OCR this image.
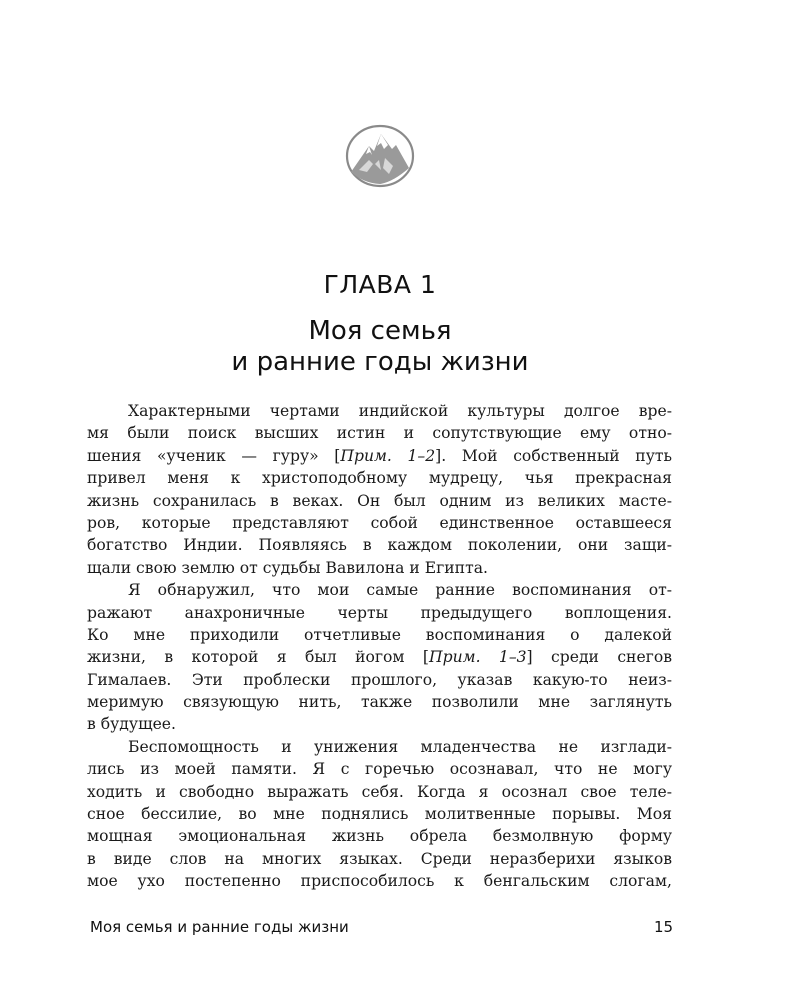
ГЛАВА 1
Моя семья
и ранние годы жизни
Характерными чертами индийской культуры долгое вре-
мя были поиск высших истин и сопутствующие ему отно-
шения «ученик — гуру» [Прим. 1–2]. Мой собственный путь
привел меня к христоподобному мудрецу, чья прекрасная
жизнь сохранилась в веках. Он был одним из великих масте-
ров, которые представляют собой единственное оставшееся
богатство Индии. Появляясь в каждом поколении, они защи-
щали свою землю от судьбы Вавилона и Египта.
Я обнаружил, что мои самые ранние воспоминания от-
ражают анахроничные черты предыдущего воплощения.
Ко мне приходили отчетливые воспоминания о далекой
жизни, в которой я был йогом [Прим. 1–3] среди снегов
Гималаев. Эти проблески прошлого, указав какую-то неиз-
меримую связующую нить, также позволили мне заглянуть
в будущее.
Беспомощность и унижения младенчества не изглади-
лись из моей памяти. Я с горечью осознавал, что не могу
ходить и свободно выражать себя. Когда я осознал свое теле-
сное бессилие, во мне поднялись молитвенные порывы. Моя
мощная эмоциональная жизнь обрела безмолвную форму
в виде слов на многих языках. Среди неразберихи языков
мое ухо постепенно приспособилось к бенгальским слогам,
Моя семья и ранние годы жизни	15
